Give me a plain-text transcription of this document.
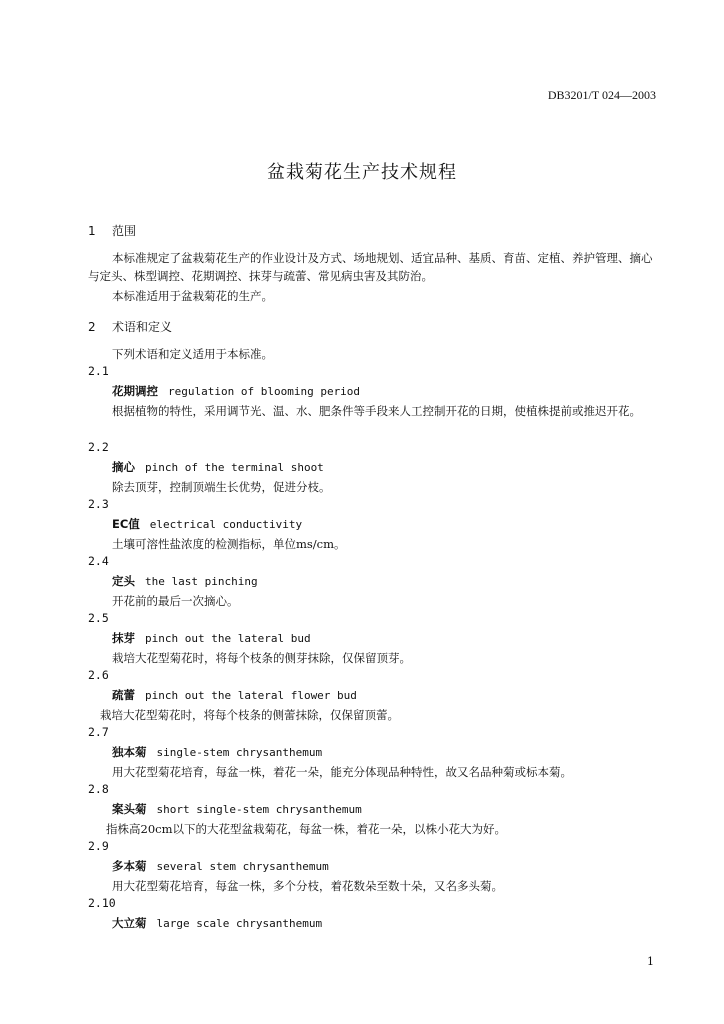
DB3201/T 024—2003
盆栽菊花生产技术规程
1 范围
本标准规定了盆栽菊花生产的作业设计及方式、场地规划、适宜品种、基质、育苗、定植、养护管理、摘心与定头、株型调控、花期调控、抹芽与疏蕾、常见病虫害及其防治。
本标准适用于盆栽菊花的生产。
2 术语和定义
下列术语和定义适用于本标准。
2.1
花期调控 regulation of blooming period
根据植物的特性，采用调节光、温、水、肥条件等手段来人工控制开花的日期，使植株提前或推迟开花。
2.2
摘心 pinch of the terminal shoot
除去顶芽，控制顶端生长优势，促进分枝。
2.3
EC值 electrical conductivity
土壤可溶性盐浓度的检测指标，单位ms/cm。
2.4
定头 the last pinching
开花前的最后一次摘心。
2.5
抹芽 pinch out the lateral bud
栽培大花型菊花时，将每个枝条的侧芽抹除，仅保留顶芽。
2.6
疏蕾 pinch out the lateral flower bud
栽培大花型菊花时，将每个枝条的侧蕾抹除，仅保留顶蕾。
2.7
独本菊 single-stem chrysanthemum
用大花型菊花培育，每盆一株，着花一朵，能充分体现品种特性，故又名品种菊或标本菊。
2.8
案头菊 short single-stem chrysanthemum
指株高20cm以下的大花型盆栽菊花，每盆一株，着花一朵，以株小花大为好。
2.9
多本菊 several stem chrysanthemum
用大花型菊花培育，每盆一株，多个分枝，着花数朵至数十朵，又名多头菊。
2.10
大立菊 large scale chrysanthemum
1
